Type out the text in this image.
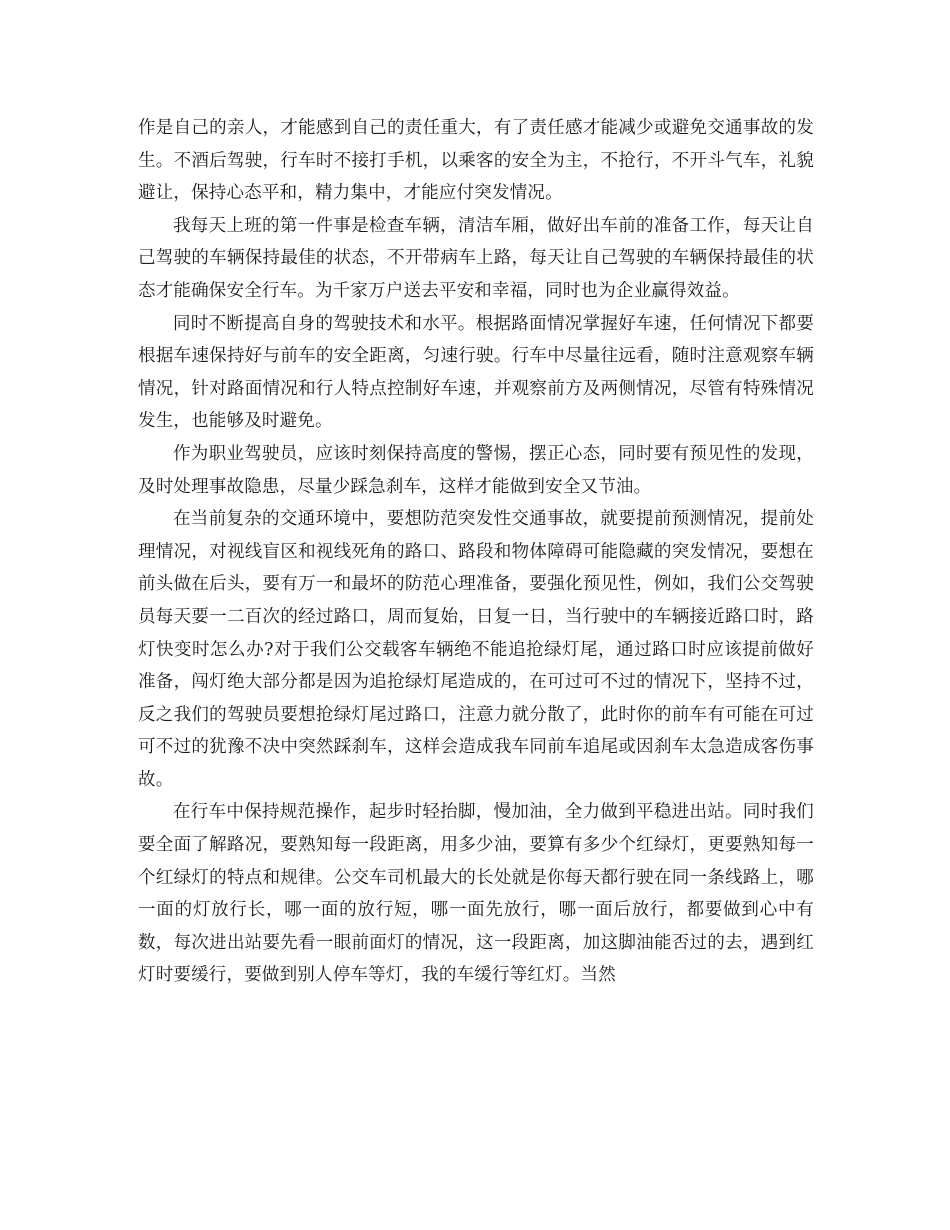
作是自己的亲人，才能感到自己的责任重大，有了责任感才能减少或避免交通事故的发生。不酒后驾驶，行车时不接打手机，以乘客的安全为主，不抢行，不开斗气车，礼貌避让，保持心态平和，精力集中，才能应付突发情况。

我每天上班的第一件事是检查车辆，清洁车厢，做好出车前的准备工作，每天让自己驾驶的车辆保持最佳的状态，不开带病车上路，每天让自己驾驶的车辆保持最佳的状态才能确保安全行车。为千家万户送去平安和幸福，同时也为企业赢得效益。

同时不断提高自身的驾驶技术和水平。根据路面情况掌握好车速，任何情况下都要根据车速保持好与前车的安全距离，匀速行驶。行车中尽量往远看，随时注意观察车辆情况，针对路面情况和行人特点控制好车速，并观察前方及两侧情况，尽管有特殊情况发生，也能够及时避免。

作为职业驾驶员，应该时刻保持高度的警惕，摆正心态，同时要有预见性的发现，及时处理事故隐患，尽量少踩急刹车，这样才能做到安全又节油。

在当前复杂的交通环境中，要想防范突发性交通事故，就要提前预测情况，提前处理情况，对视线盲区和视线死角的路口、路段和物体障碍可能隐藏的突发情况，要想在前头做在后头，要有万一和最坏的防范心理准备，要强化预见性，例如，我们公交驾驶员每天要一二百次的经过路口，周而复始，日复一日，当行驶中的车辆接近路口时，路灯快变时怎么办?对于我们公交载客车辆绝不能追抢绿灯尾，通过路口时应该提前做好准备，闯灯绝大部分都是因为追抢绿灯尾造成的，在可过可不过的情况下，坚持不过，反之我们的驾驶员要想抢绿灯尾过路口，注意力就分散了，此时你的前车有可能在可过可不过的犹豫不决中突然踩刹车，这样会造成我车同前车追尾或因刹车太急造成客伤事故。

在行车中保持规范操作，起步时轻抬脚，慢加油，全力做到平稳进出站。同时我们要全面了解路况，要熟知每一段距离，用多少油，要算有多少个红绿灯，更要熟知每一个红绿灯的特点和规律。公交车司机最大的长处就是你每天都行驶在同一条线路上，哪一面的灯放行长，哪一面的放行短，哪一面先放行，哪一面后放行，都要做到心中有数，每次进出站要先看一眼前面灯的情况，这一段距离，加这脚油能否过的去，遇到红灯时要缓行，要做到别人停车等灯，我的车缓行等红灯。当然
